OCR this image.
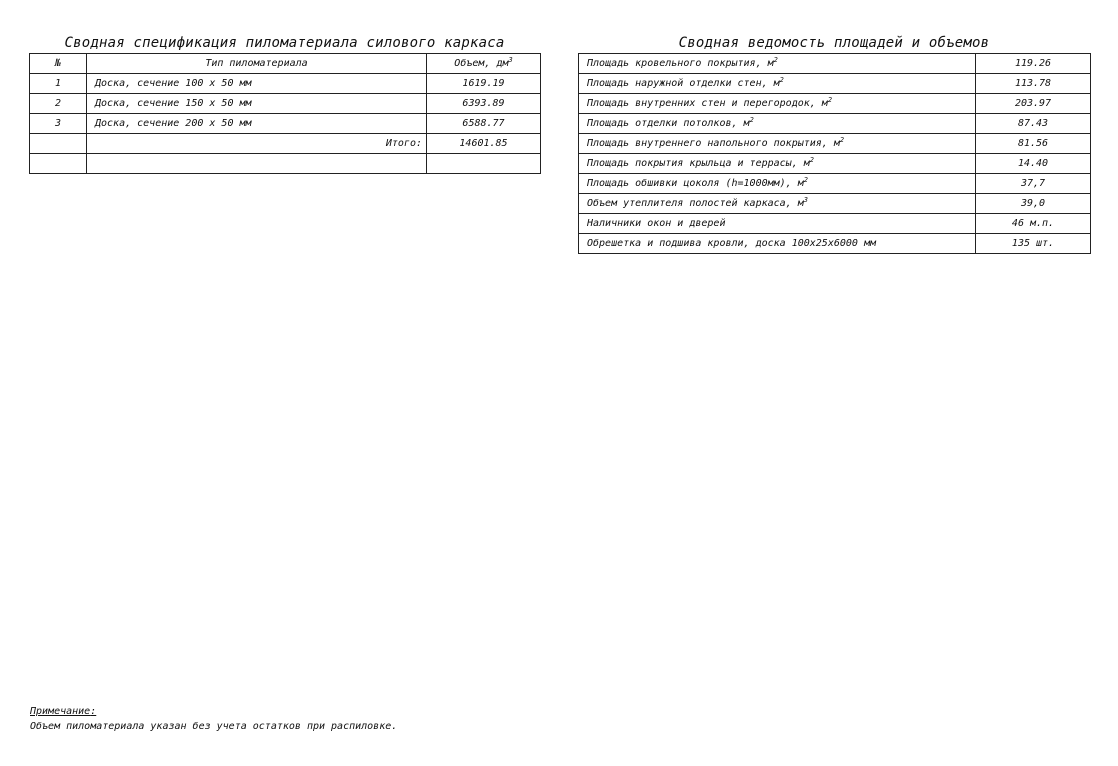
Сводная спецификация пиломатериала силового каркаса
№	Тип пиломатериала	Объем, $дм^3$
1	Доска, сечение 100 x 50 мм	1619.19
2	Доска, сечение 150 x 50 мм	6393.89
3	Доска, сечение 200 x 50 мм	6588.77
	Итого:	14601.85

Сводная ведомость площадей и объемов
Площадь кровельного покрытия, $м^2$	119.26
Площадь наружной отделки стен, $м^2$	113.78
Площадь внутренних стен и перегородок, $м^2$	203.97
Площадь отделки потолков, $м^2$	87.43
Площадь внутреннего напольного покрытия, $м^2$	81.56
Площадь покрытия крыльца и террасы, $м^2$	14.40
Площадь обшивки цоколя (h=1000мм), $м^2$	37,7
Объем утеплителя полостей каркаса, $м^3$	39,0
Наличники окон и дверей	46 м.п.
Обрешетка и подшива кровли, доска 100х25х6000 мм	135 шт.
Примечание:
Объем пиломатериала указан без учета остатков при распиловке.
